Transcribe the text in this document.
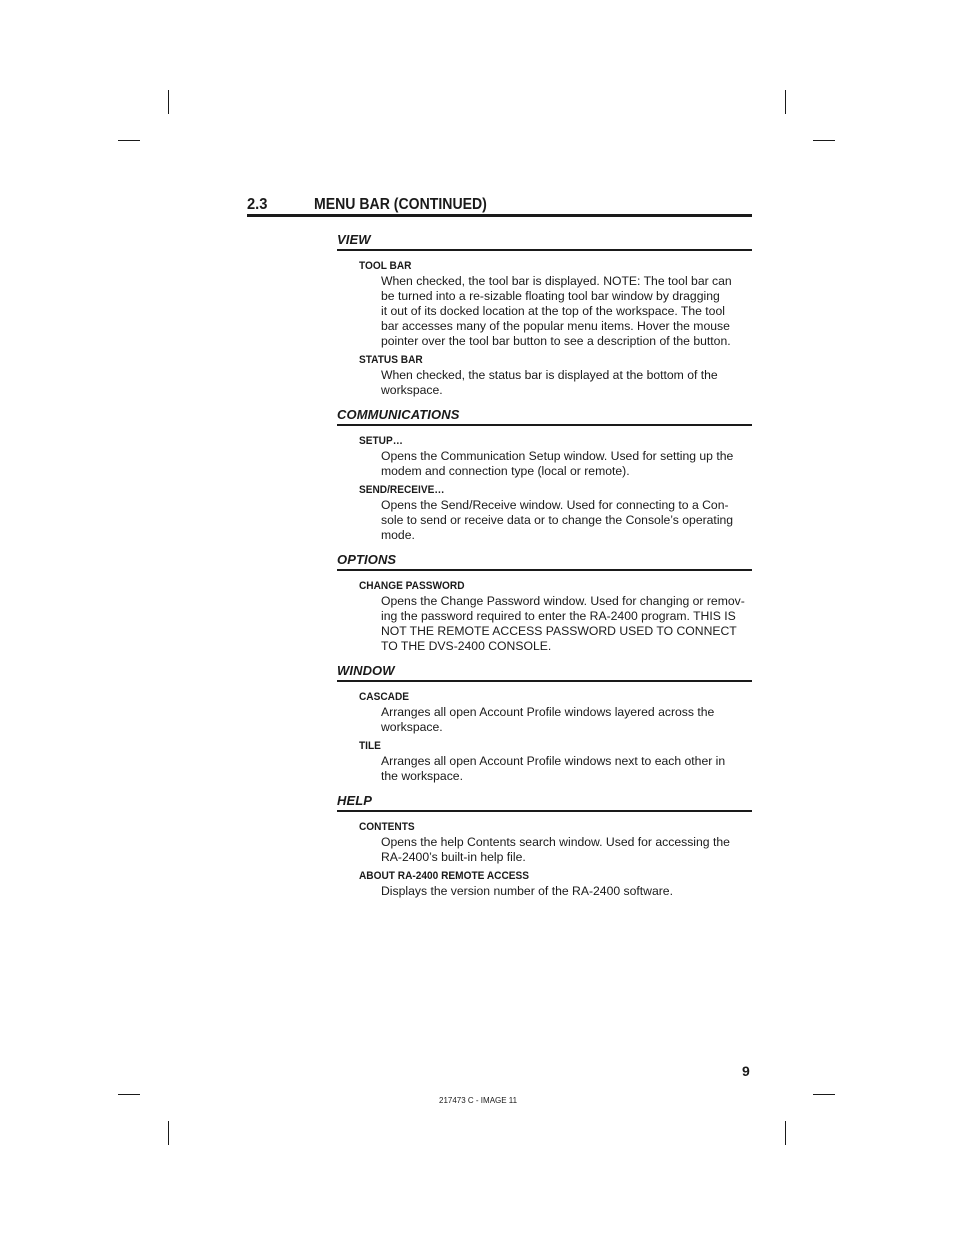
2.3	MENU BAR (CONTINUED)
VIEW
TOOL BAR
When checked, the tool bar is displayed. NOTE: The tool bar can
be turned into a re-sizable floating tool bar window by dragging
it out of its docked location at the top of the workspace. The tool
bar accesses many of the popular menu items. Hover the mouse
pointer over the tool bar button to see a description of the button.
STATUS BAR
When checked, the status bar is displayed at the bottom of the
workspace.
COMMUNICATIONS
SETUP…
Opens the Communication Setup window. Used for setting up the
modem and connection type (local or remote).
SEND/RECEIVE…
Opens the Send/Receive window. Used for connecting to a Con-
sole to send or receive data or to change the Console’s operating
mode.
OPTIONS
CHANGE PASSWORD
Opens the Change Password window. Used for changing or remov-
ing the password required to enter the RA-2400 program. THIS IS
NOT THE REMOTE ACCESS PASSWORD USED TO CONNECT
TO THE DVS-2400 CONSOLE.
WINDOW
CASCADE
Arranges all open Account Profile windows layered across the
workspace.
TILE
Arranges all open Account Profile windows next to each other in
the workspace.
HELP
CONTENTS
Opens the help Contents search window. Used for accessing the
RA-2400’s built-in help file.
ABOUT RA-2400 REMOTE ACCESS
Displays the version number of the RA-2400 software.
9
217473 C - IMAGE 11
